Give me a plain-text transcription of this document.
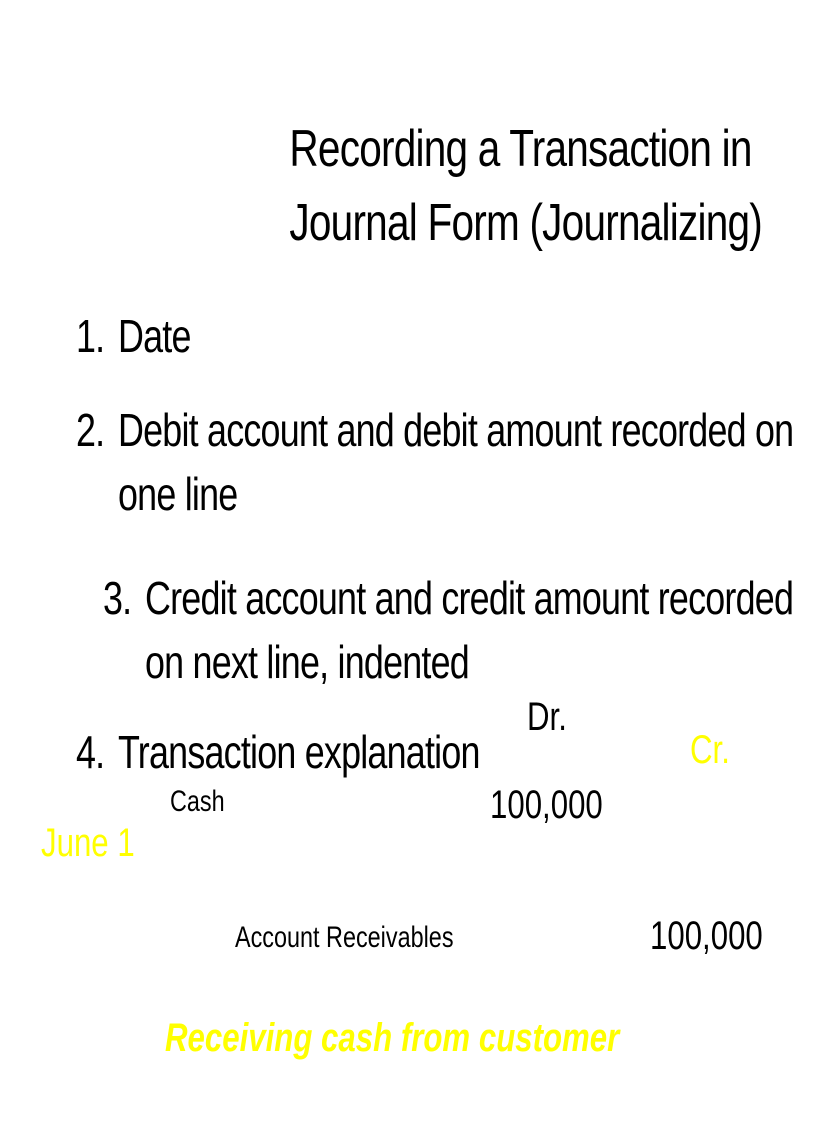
Recording a Transaction in
Journal Form (Journalizing)
1. Date
2. Debit account and debit amount recorded on
one line
3. Credit account and credit amount recorded
on next line, indented
4. Transaction explanation
Dr.
Cr.
Cash	100,000
June 1
Account Receivables	100,000
Receiving cash from customer
